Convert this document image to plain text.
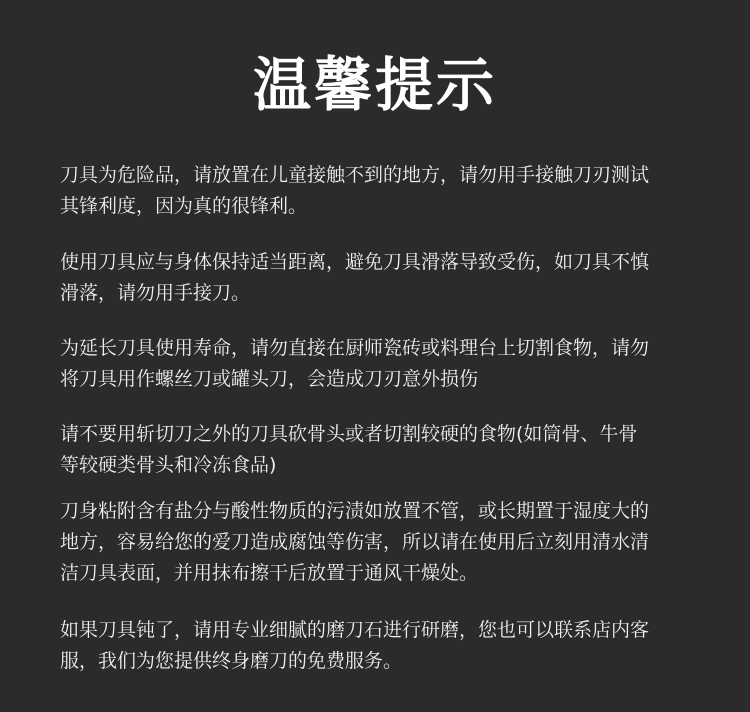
温馨提示
刀具为危险品，请放置在儿童接触不到的地方，请勿用手接触刀刃测试
其锋利度，因为真的很锋利。
使用刀具应与身体保持适当距离，避免刀具滑落导致受伤，如刀具不慎
滑落，请勿用手接刀。
为延长刀具使用寿命，请勿直接在厨师瓷砖或料理台上切割食物，请勿
将刀具用作螺丝刀或罐头刀，会造成刀刃意外损伤
请不要用斩切刀之外的刀具砍骨头或者切割较硬的食物(如筒骨、牛骨
等较硬类骨头和冷冻食品)
刀身粘附含有盐分与酸性物质的污渍如放置不管，或长期置于湿度大的
地方，容易给您的爱刀造成腐蚀等伤害，所以请在使用后立刻用清水清
洁刀具表面，并用抹布擦干后放置于通风干燥处。
如果刀具钝了，请用专业细腻的磨刀石进行研磨，您也可以联系店内客
服，我们为您提供终身磨刀的免费服务。
